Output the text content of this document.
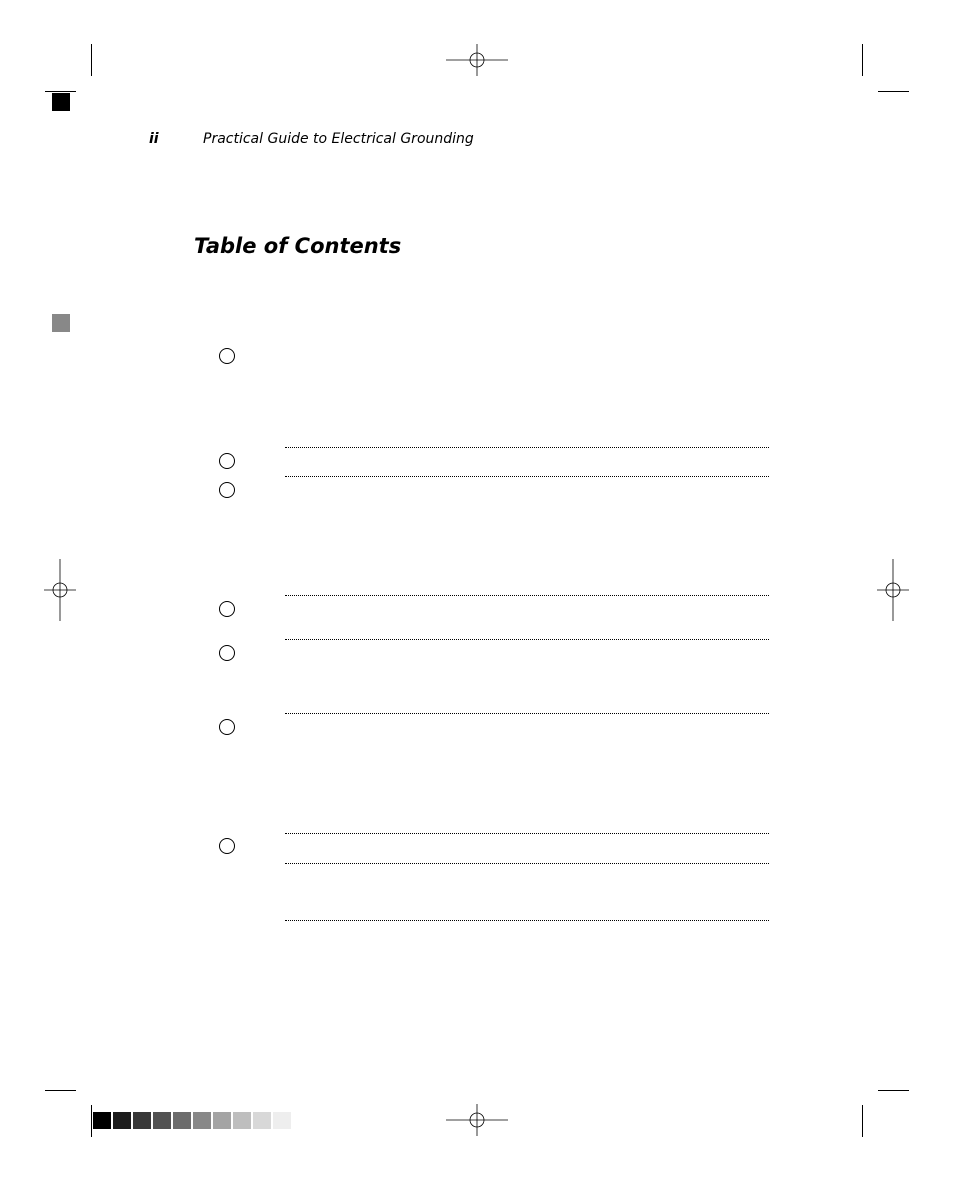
ii	Practical Guide to Electrical Grounding
Table of Contents
